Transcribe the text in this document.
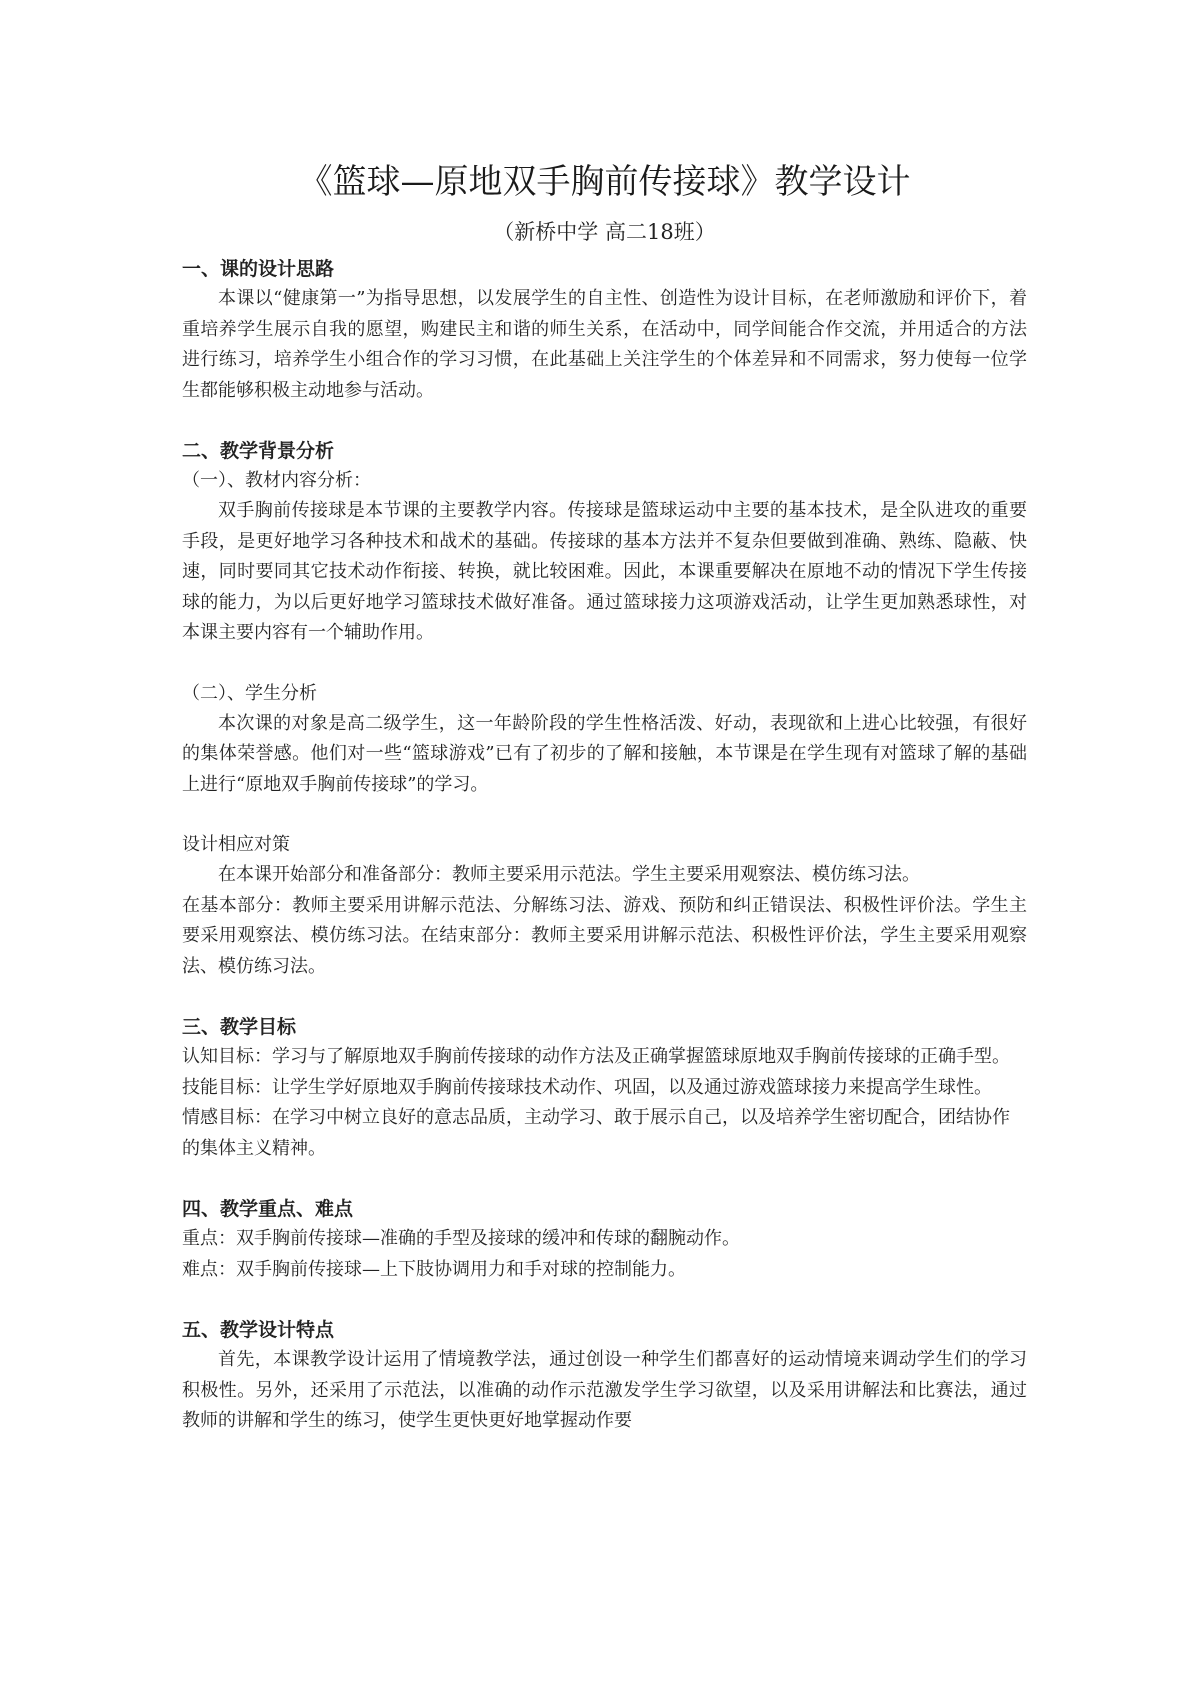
《篮球—原地双手胸前传接球》教学设计
（新桥中学 高二18班）
一、课的设计思路
本课以“健康第一”为指导思想，以发展学生的自主性、创造性为设计目标，在老师激励和评价下，着重培养学生展示自我的愿望，购建民主和谐的师生关系，在活动中，同学间能合作交流，并用适合的方法进行练习，培养学生小组合作的学习习惯，在此基础上关注学生的个体差异和不同需求，努力使每一位学生都能够积极主动地参与活动。
二、教学背景分析
（一）、教材内容分析：
双手胸前传接球是本节课的主要教学内容。传接球是篮球运动中主要的基本技术，是全队进攻的重要手段，是更好地学习各种技术和战术的基础。传接球的基本方法并不复杂但要做到准确、熟练、隐蔽、快速，同时要同其它技术动作衔接、转换，就比较困难。因此，本课重要解决在原地不动的情况下学生传接球的能力，为以后更好地学习篮球技术做好准备。通过篮球接力这项游戏活动，让学生更加熟悉球性，对本课主要内容有一个辅助作用。
（二）、学生分析
本次课的对象是高二级学生，这一年龄阶段的学生性格活泼、好动，表现欲和上进心比较强，有很好的集体荣誉感。他们对一些“篮球游戏”已有了初步的了解和接触，本节课是在学生现有对篮球了解的基础上进行“原地双手胸前传接球”的学习。
设计相应对策
在本课开始部分和准备部分：教师主要采用示范法。学生主要采用观察法、模仿练习法。
在基本部分：教师主要采用讲解示范法、分解练习法、游戏、预防和纠正错误法、积极性评价法。学生主要采用观察法、模仿练习法。在结束部分：教师主要采用讲解示范法、积极性评价法，学生主要采用观察法、模仿练习法。
三、教学目标
认知目标：学习与了解原地双手胸前传接球的动作方法及正确掌握篮球原地双手胸前传接球的正确手型。
技能目标：让学生学好原地双手胸前传接球技术动作、巩固，以及通过游戏篮球接力来提高学生球性。
情感目标：在学习中树立良好的意志品质，主动学习、敢于展示自己，以及培养学生密切配合，团结协作的集体主义精神。
四、教学重点、难点
重点：双手胸前传接球—准确的手型及接球的缓冲和传球的翻腕动作。
难点：双手胸前传接球—上下肢协调用力和手对球的控制能力。
五、教学设计特点
首先，本课教学设计运用了情境教学法，通过创设一种学生们都喜好的运动情境来调动学生们的学习积极性。另外，还采用了示范法，以准确的动作示范激发学生学习欲望，以及采用讲解法和比赛法，通过教师的讲解和学生的练习，使学生更快更好地掌握动作要
